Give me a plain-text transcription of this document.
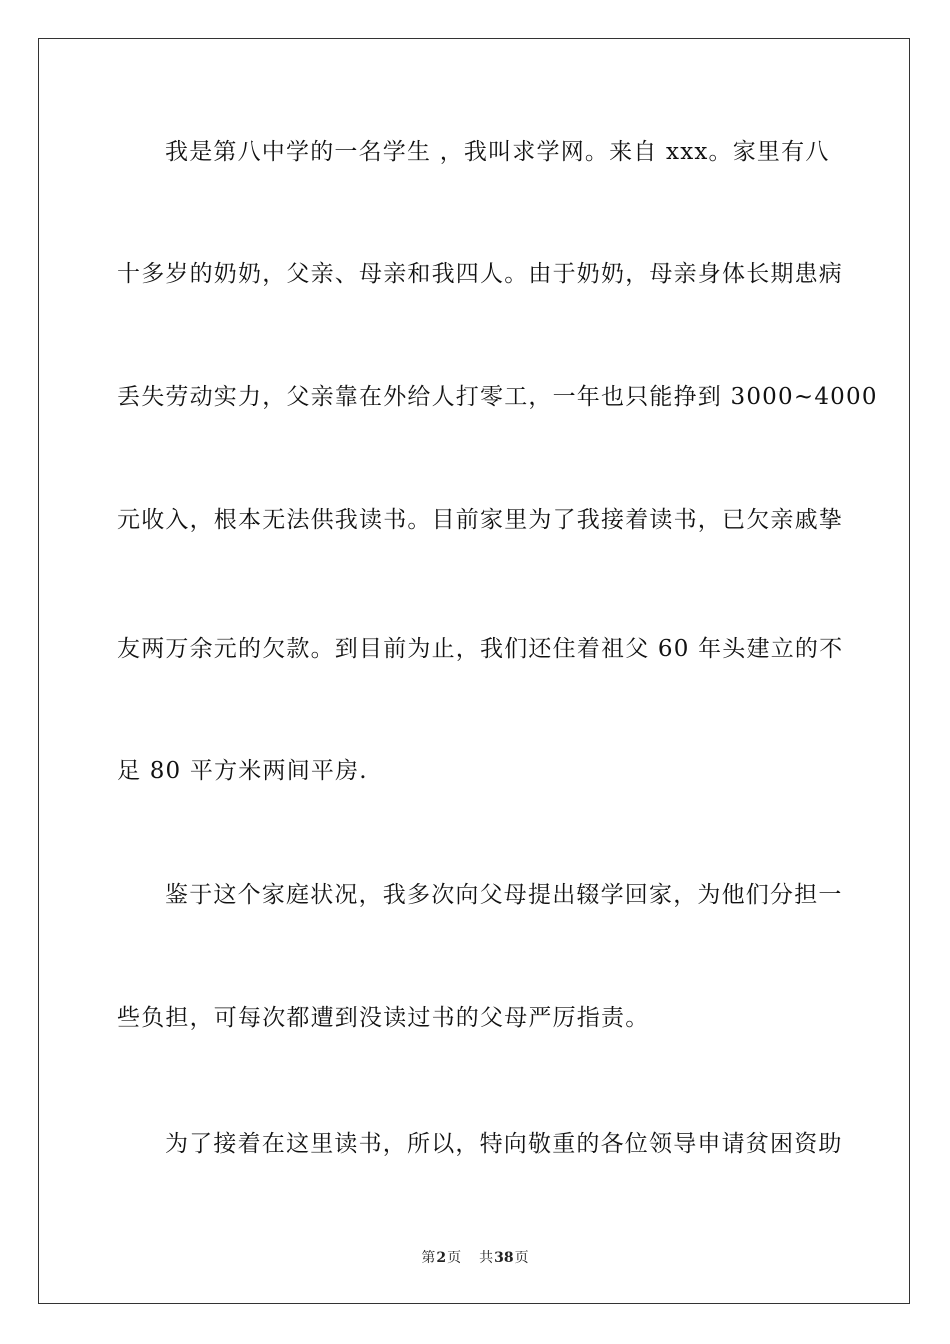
我是第八中学的一名学生 ，我叫求学网。来自 xxx。家里有八
十多岁的奶奶，父亲、母亲和我四人。由于奶奶，母亲身体长期患病
丢失劳动实力，父亲靠在外给人打零工，一年也只能挣到 3000~4000
元收入，根本无法供我读书。目前家里为了我接着读书，已欠亲戚挚
友两万余元的欠款。到目前为止，我们还住着祖父 60 年头建立的不
足 80 平方米两间平房.
鉴于这个家庭状况，我多次向父母提出辍学回家，为他们分担一
些负担，可每次都遭到没读过书的父母严厉指责。
为了接着在这里读书，所以，特向敬重的各位领导申请贫困资助
第2页 共38页
